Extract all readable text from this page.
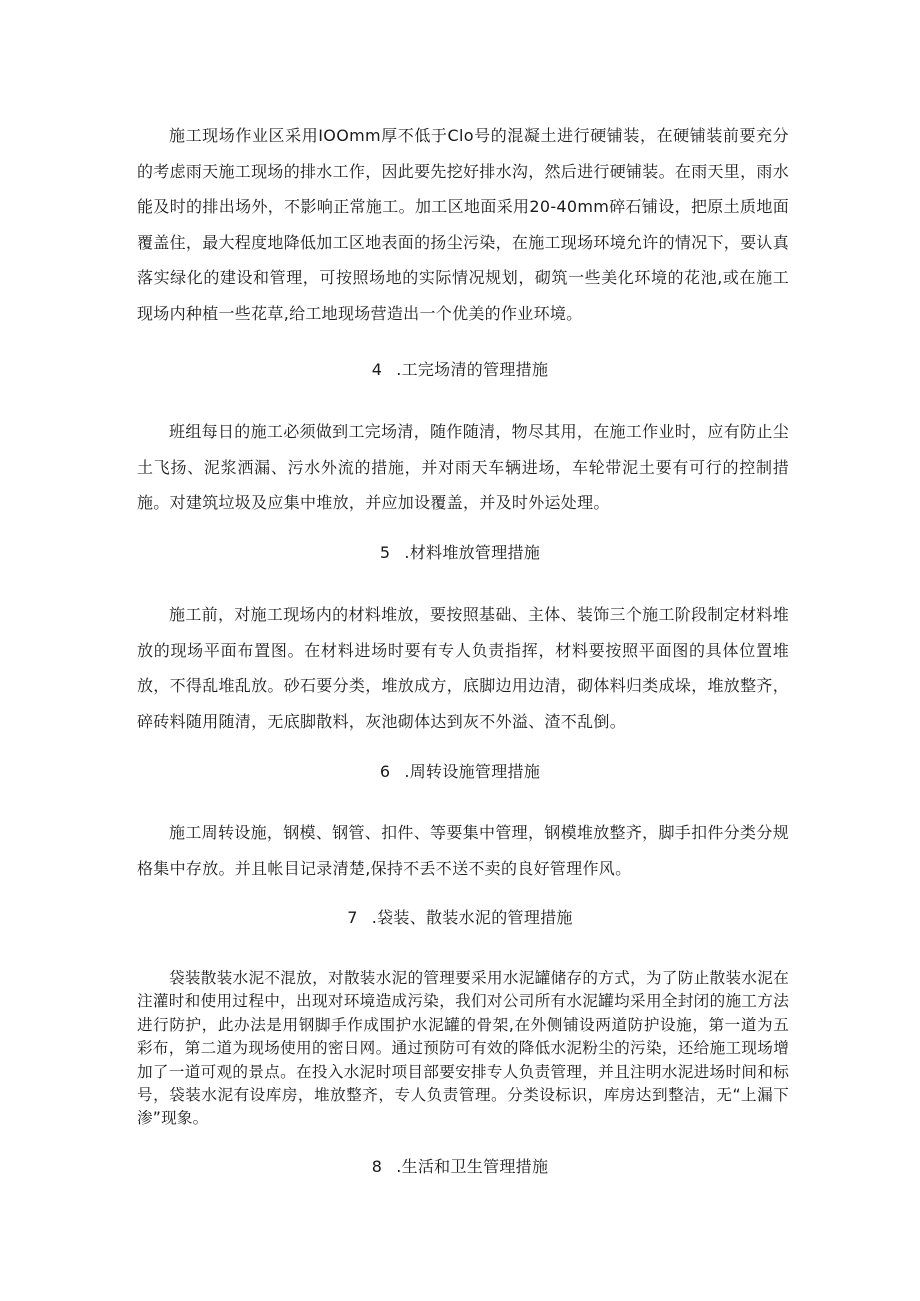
施工现场作业区采用IOOmm厚不低于Clo号的混凝土进行硬铺装，在硬铺装前要充分的考虑雨天施工现场的排水工作，因此要先挖好排水沟，然后进行硬铺装。在雨天里，雨水能及时的排出场外，不影响正常施工。加工区地面采用20-40mm碎石铺设，把原土质地面覆盖住，最大程度地降低加工区地表面的扬尘污染，在施工现场环境允许的情况下，要认真落实绿化的建设和管理，可按照场地的实际情况规划，砌筑一些美化环境的花池,或在施工现场内种植一些花草,给工地现场营造出一个优美的作业环境。

4 .工完场清的管理措施

班组每日的施工必须做到工完场清，随作随清，物尽其用，在施工作业时，应有防止尘土飞扬、泥浆洒漏、污水外流的措施，并对雨天车辆进场，车轮带泥土要有可行的控制措施。对建筑垃圾及应集中堆放，并应加设覆盖，并及时外运处理。

5 .材料堆放管理措施

施工前，对施工现场内的材料堆放，要按照基础、主体、装饰三个施工阶段制定材料堆放的现场平面布置图。在材料进场时要有专人负责指挥，材料要按照平面图的具体位置堆放，不得乱堆乱放。砂石要分类，堆放成方，底脚边用边清，砌体料归类成垛，堆放整齐，碎砖料随用随清，无底脚散料，灰池砌体达到灰不外溢、渣不乱倒。

6 .周转设施管理措施

施工周转设施，钢模、钢管、扣件、等要集中管理，钢模堆放整齐，脚手扣件分类分规格集中存放。并且帐目记录清楚,保持不丢不送不卖的良好管理作风。

7 .袋装、散装水泥的管理措施

袋装散装水泥不混放，对散装水泥的管理要采用水泥罐储存的方式，为了防止散装水泥在注灌时和使用过程中，出现对环境造成污染，我们对公司所有水泥罐均采用全封闭的施工方法进行防护，此办法是用钢脚手作成围护水泥罐的骨架,在外侧铺设两道防护设施，第一道为五彩布，第二道为现场使用的密日网。通过预防可有效的降低水泥粉尘的污染，还给施工现场增加了一道可观的景点。在投入水泥时项目部要安排专人负责管理，并且注明水泥进场时间和标号，袋装水泥有设库房，堆放整齐，专人负责管理。分类设标识，库房达到整洁，无“上漏下渗”现象。

8 .生活和卫生管理措施
